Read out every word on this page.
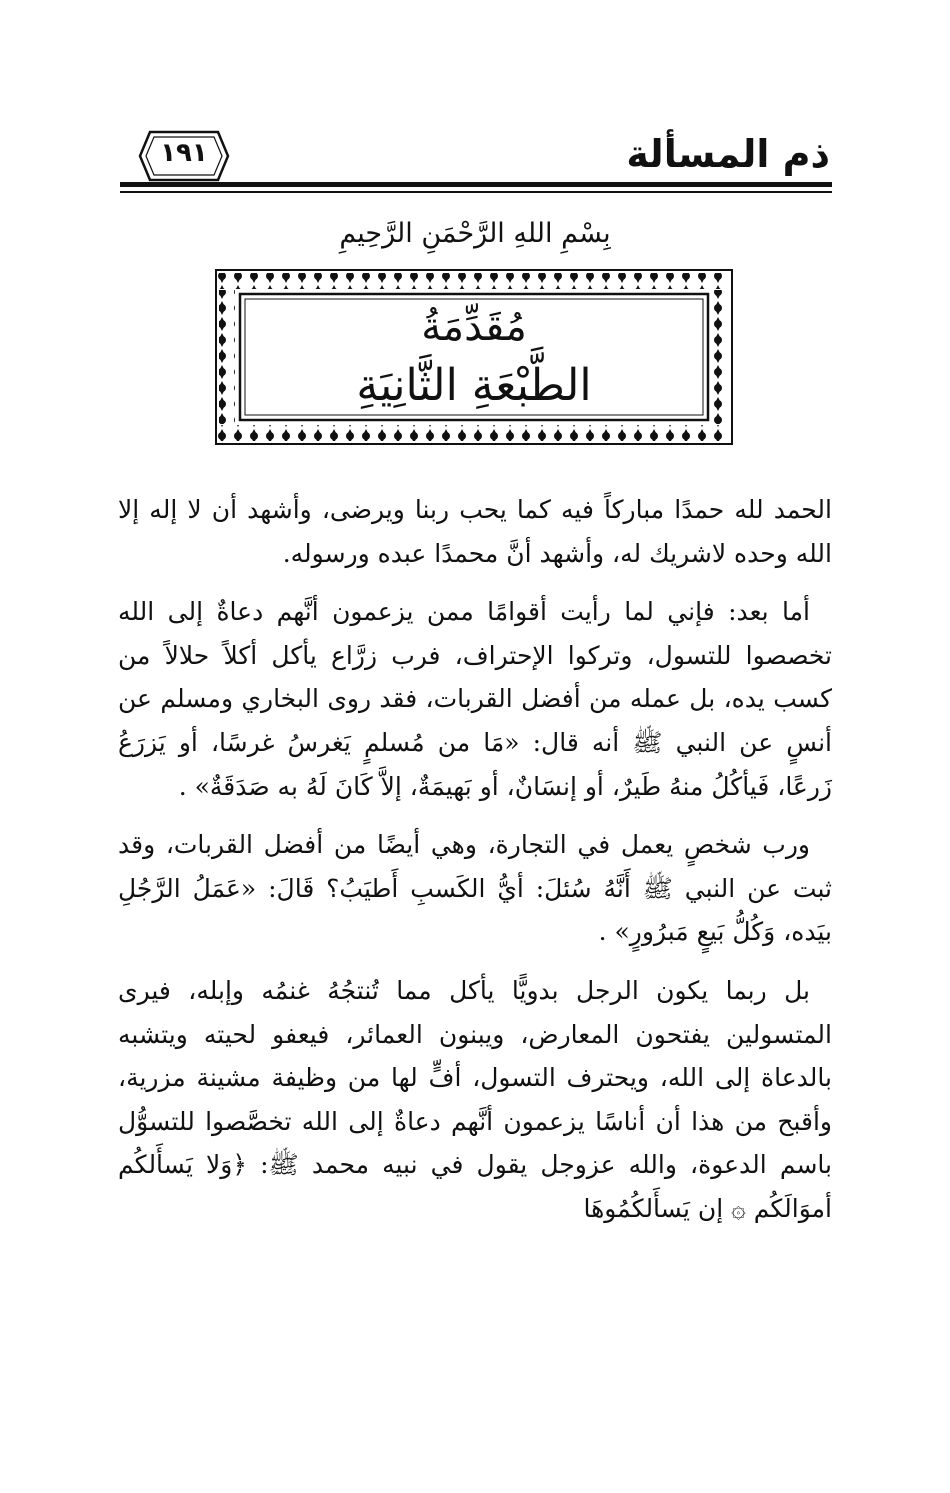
ذم المسألة
١٩١
بِسْمِ اللهِ الرَّحْمَنِ الرَّحِيمِ
مُقَدِّمَةُ
الطَّبْعَةِ الثَّانِيَةِ

الحمد لله حمدًا مباركاً فيه كما يحب ربنا ويرضى، وأشهد أن لا إله إلا الله وحده لاشريك له، وأشهد أنَّ محمدًا عبده ورسوله.

أما بعد: فإني لما رأيت أقوامًا ممن يزعمون أنَّهم دعاةٌ إلى الله تخصصوا للتسول، وتركوا الإحتراف، فرب زرَّاع يأكل أكلاً حلالاً من كسب يده، بل عمله من أفضل القربات، فقد روى البخاري ومسلم عن أنسٍ عن النبي ﷺ أنه قال: «مَا من مُسلمٍ يَغرسُ غرسًا، أو يَزرَعُ زَرعًا، فَيأكُلُ منهُ طَيرٌ، أو إنسَانٌ، أو بَهيمَةٌ، إلاَّ كَانَ لَهُ به صَدَقَةٌ» .

ورب شخصٍ يعمل في التجارة، وهي أيضًا من أفضل القربات، وقد ثبت عن النبي ﷺ أَنَّهُ سُئلَ: أيُّ الكَسبِ أَطيَبُ؟ قَالَ: «عَمَلُ الرَّجُلِ بيَده، وَكُلُّ بَيعٍ مَبرُورٍ» .

بل ربما يكون الرجل بدويًّا يأكل مما تُنتجُهُ غنمُه وإبله، فيرى المتسولين يفتحون المعارض، ويبنون العمائر، فيعفو لحيته ويتشبه بالدعاة إلى الله، ويحترف التسول، أفٍّ لها من وظيفة مشينة مزرية، وأقبح من هذا أن أناسًا يزعمون أنَّهم دعاةٌ إلى الله تخصَّصوا للتسوُّل باسم الدعوة، والله عزوجل يقول في نبيه محمد ﷺ: ﴿وَلا يَسأَلكُم أموَالَكُم ۞ إن يَسأَلكُمُوهَا
